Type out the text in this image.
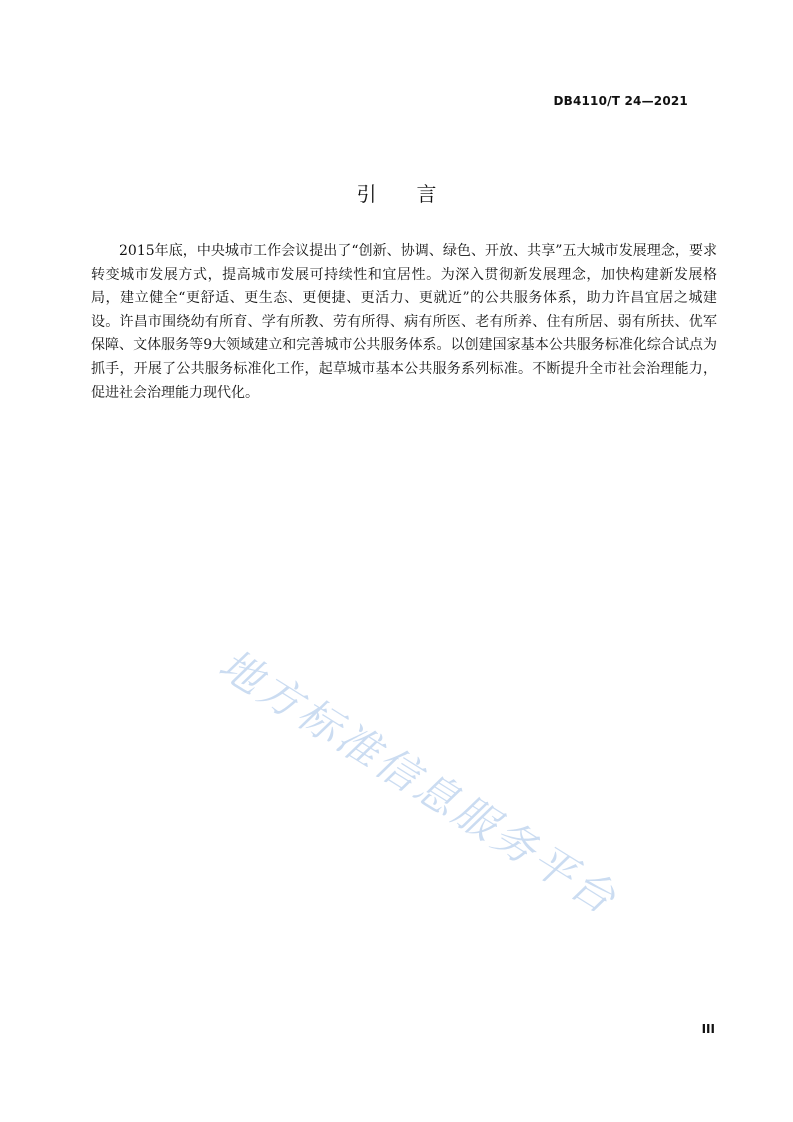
DB4110/T 24—2021
引言
2015年底，中央城市工作会议提出了“创新、协调、绿色、开放、共享”五大城市发展理念，要求转变城市发展方式，提高城市发展可持续性和宜居性。为深入贯彻新发展理念，加快构建新发展格局，建立健全“更舒适、更生态、更便捷、更活力、更就近”的公共服务体系，助力许昌宜居之城建设。许昌市围绕幼有所育、学有所教、劳有所得、病有所医、老有所养、住有所居、弱有所扶、优军保障、文体服务等9大领域建立和完善城市公共服务体系。以创建国家基本公共服务标准化综合试点为抓手，开展了公共服务标准化工作，起草城市基本公共服务系列标准。不断提升全市社会治理能力，促进社会治理能力现代化。
地方标准信息服务平台
III
